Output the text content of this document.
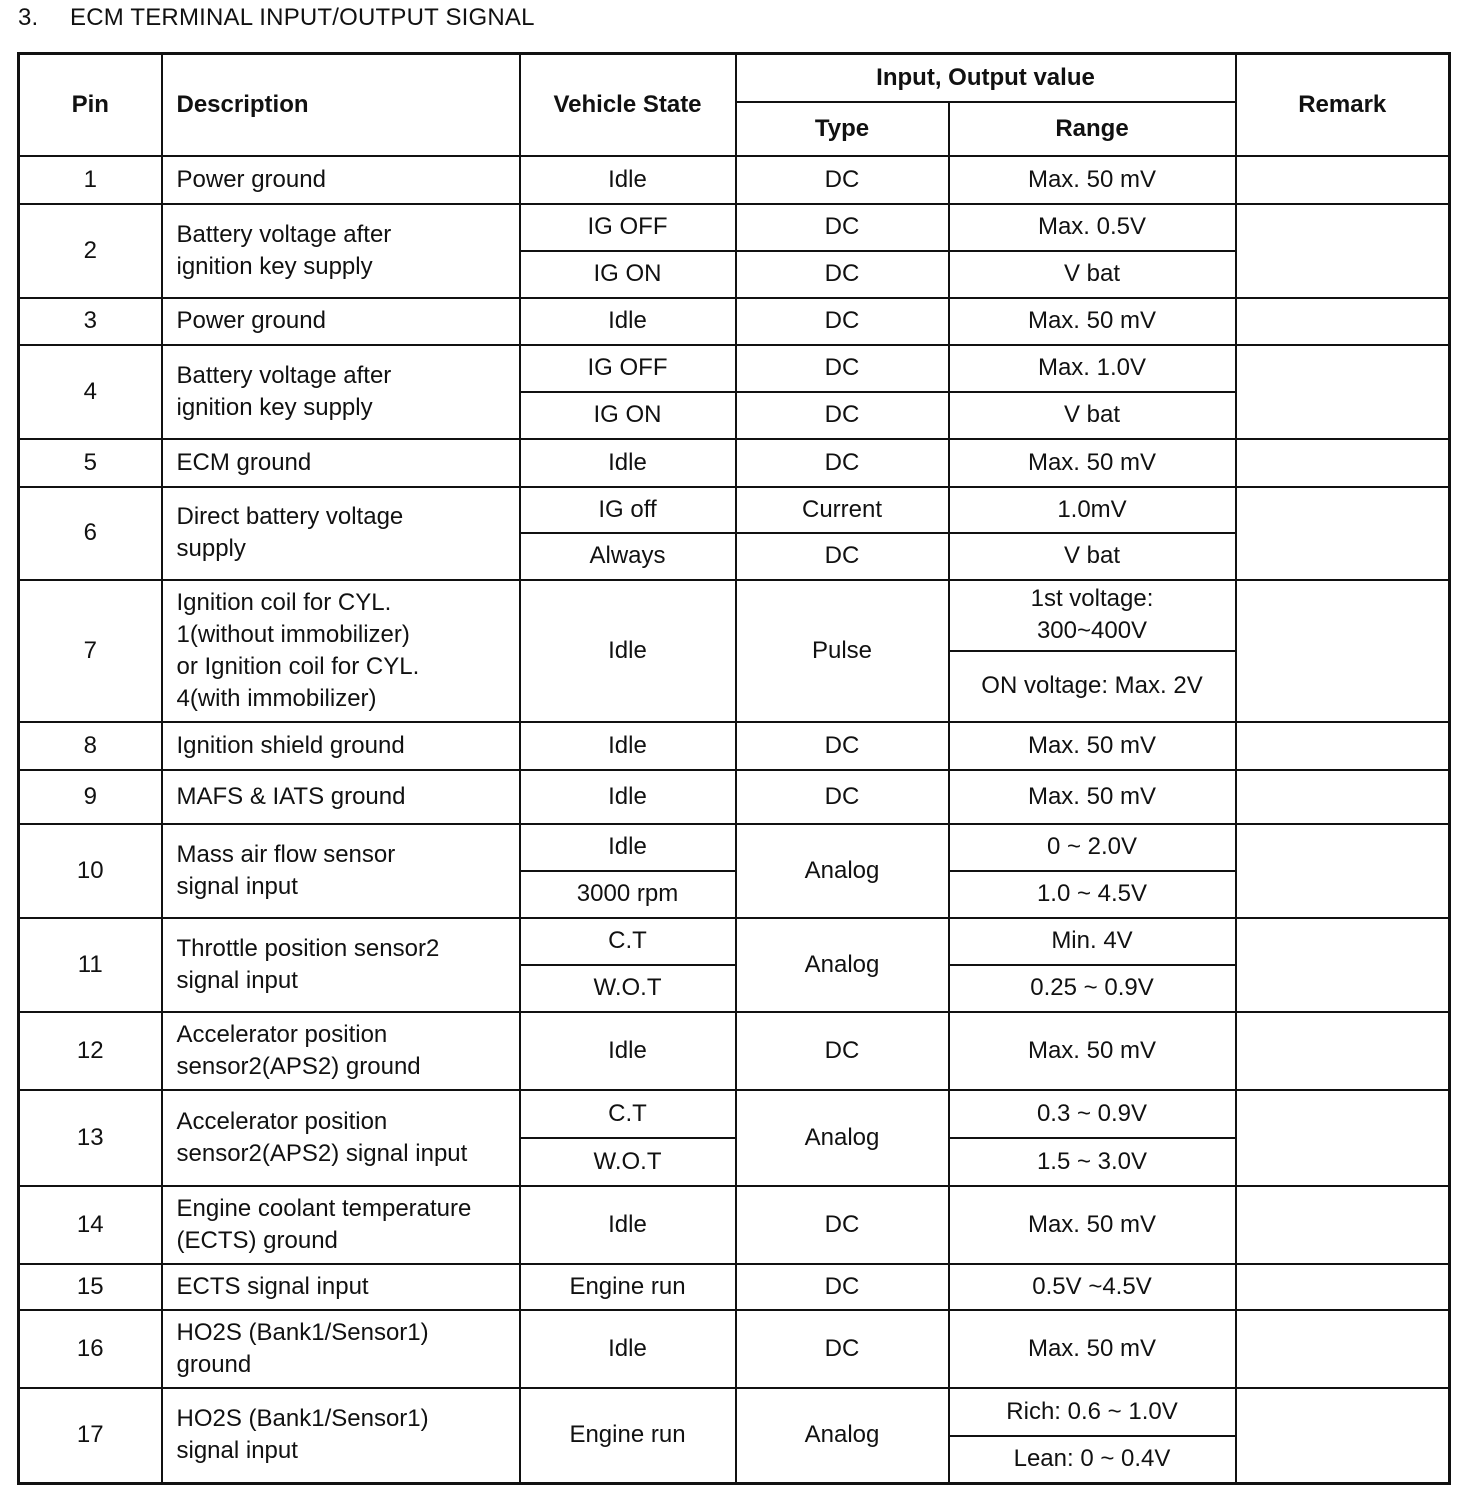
3. ECM TERMINAL INPUT/OUTPUT SIGNAL
Pin	Description	Vehicle State	Input, Output value		Remark
			Type	Range	
1	Power ground	Idle	DC	Max. 50 mV	
2	Battery voltage after
ignition key supply	IG OFF	DC	Max. 0.5V	
		IG ON	DC	V bat	
3	Power ground	Idle	DC	Max. 50 mV	
4	Battery voltage after
ignition key supply	IG OFF	DC	Max. 1.0V	
		IG ON	DC	V bat	
5	ECM ground	Idle	DC	Max. 50 mV	
6	Direct battery voltage
supply	IG off	Current	1.0mV	
		Always	DC	V bat	
7	Ignition coil for CYL.
1(without immobilizer)
or Ignition coil for CYL.
4(with immobilizer)	Idle	Pulse	1st voltage:
300~400V	
				ON voltage: Max. 2V	
8	Ignition shield ground	Idle	DC	Max. 50 mV	
9	MAFS & IATS ground	Idle	DC	Max. 50 mV	
10	Mass air flow sensor
signal input	Idle	Analog	0 ~ 2.0V	
		3000 rpm		1.0 ~ 4.5V	
11	Throttle position sensor2
signal input	C.T	Analog	Min. 4V	
		W.O.T		0.25 ~ 0.9V	
12	Accelerator position
sensor2(APS2) ground	Idle	DC	Max. 50 mV	
13	Accelerator position
sensor2(APS2) signal input	C.T	Analog	0.3 ~ 0.9V	
		W.O.T		1.5 ~ 3.0V	
14	Engine coolant temperature
(ECTS) ground	Idle	DC	Max. 50 mV	
15	ECTS signal input	Engine run	DC	0.5V ~4.5V	
16	HO2S (Bank1/Sensor1)
ground	Idle	DC	Max. 50 mV	
17	HO2S (Bank1/Sensor1)
signal input	Engine run	Analog	Rich: 0.6 ~ 1.0V	
				Lean: 0 ~ 0.4V	
